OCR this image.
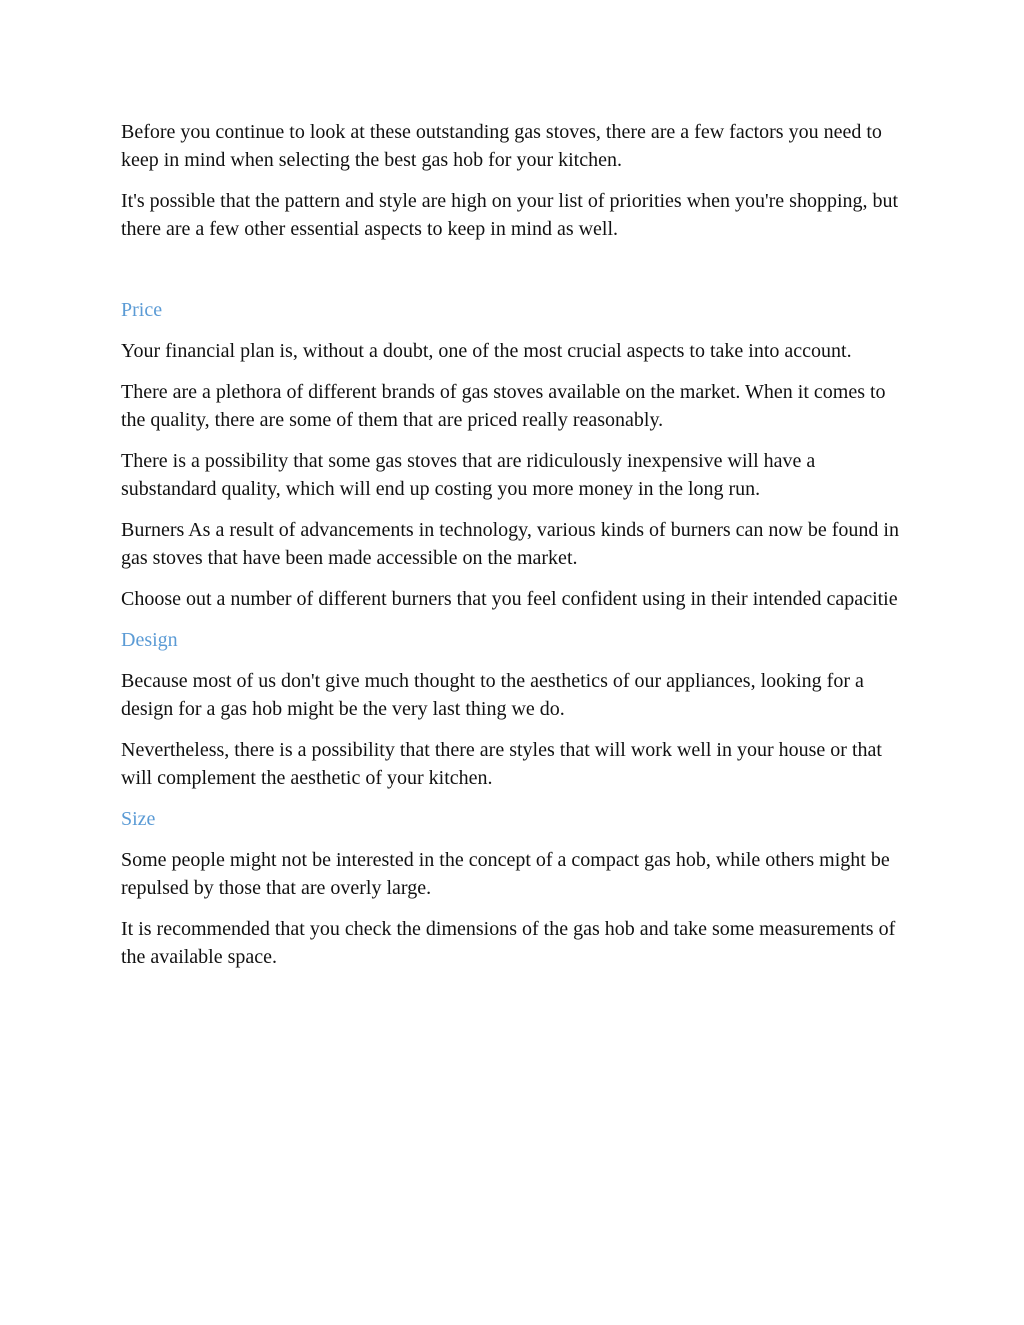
Before you continue to look at these outstanding gas stoves, there are a few factors you need to keep in mind when selecting the best gas hob for your kitchen.

It's possible that the pattern and style are high on your list of priorities when you're shopping, but there are a few other essential aspects to keep in mind as well.

Price

Your financial plan is, without a doubt, one of the most crucial aspects to take into account.

There are a plethora of different brands of gas stoves available on the market. When it comes to the quality, there are some of them that are priced really reasonably.

There is a possibility that some gas stoves that are ridiculously inexpensive will have a substandard quality, which will end up costing you more money in the long run.

Burners As a result of advancements in technology, various kinds of burners can now be found in gas stoves that have been made accessible on the market.

Choose out a number of different burners that you feel confident using in their intended capacitie

Design

Because most of us don't give much thought to the aesthetics of our appliances, looking for a design for a gas hob might be the very last thing we do.

Nevertheless, there is a possibility that there are styles that will work well in your house or that will complement the aesthetic of your kitchen.

Size

Some people might not be interested in the concept of a compact gas hob, while others might be repulsed by those that are overly large.

It is recommended that you check the dimensions of the gas hob and take some measurements of the available space.
